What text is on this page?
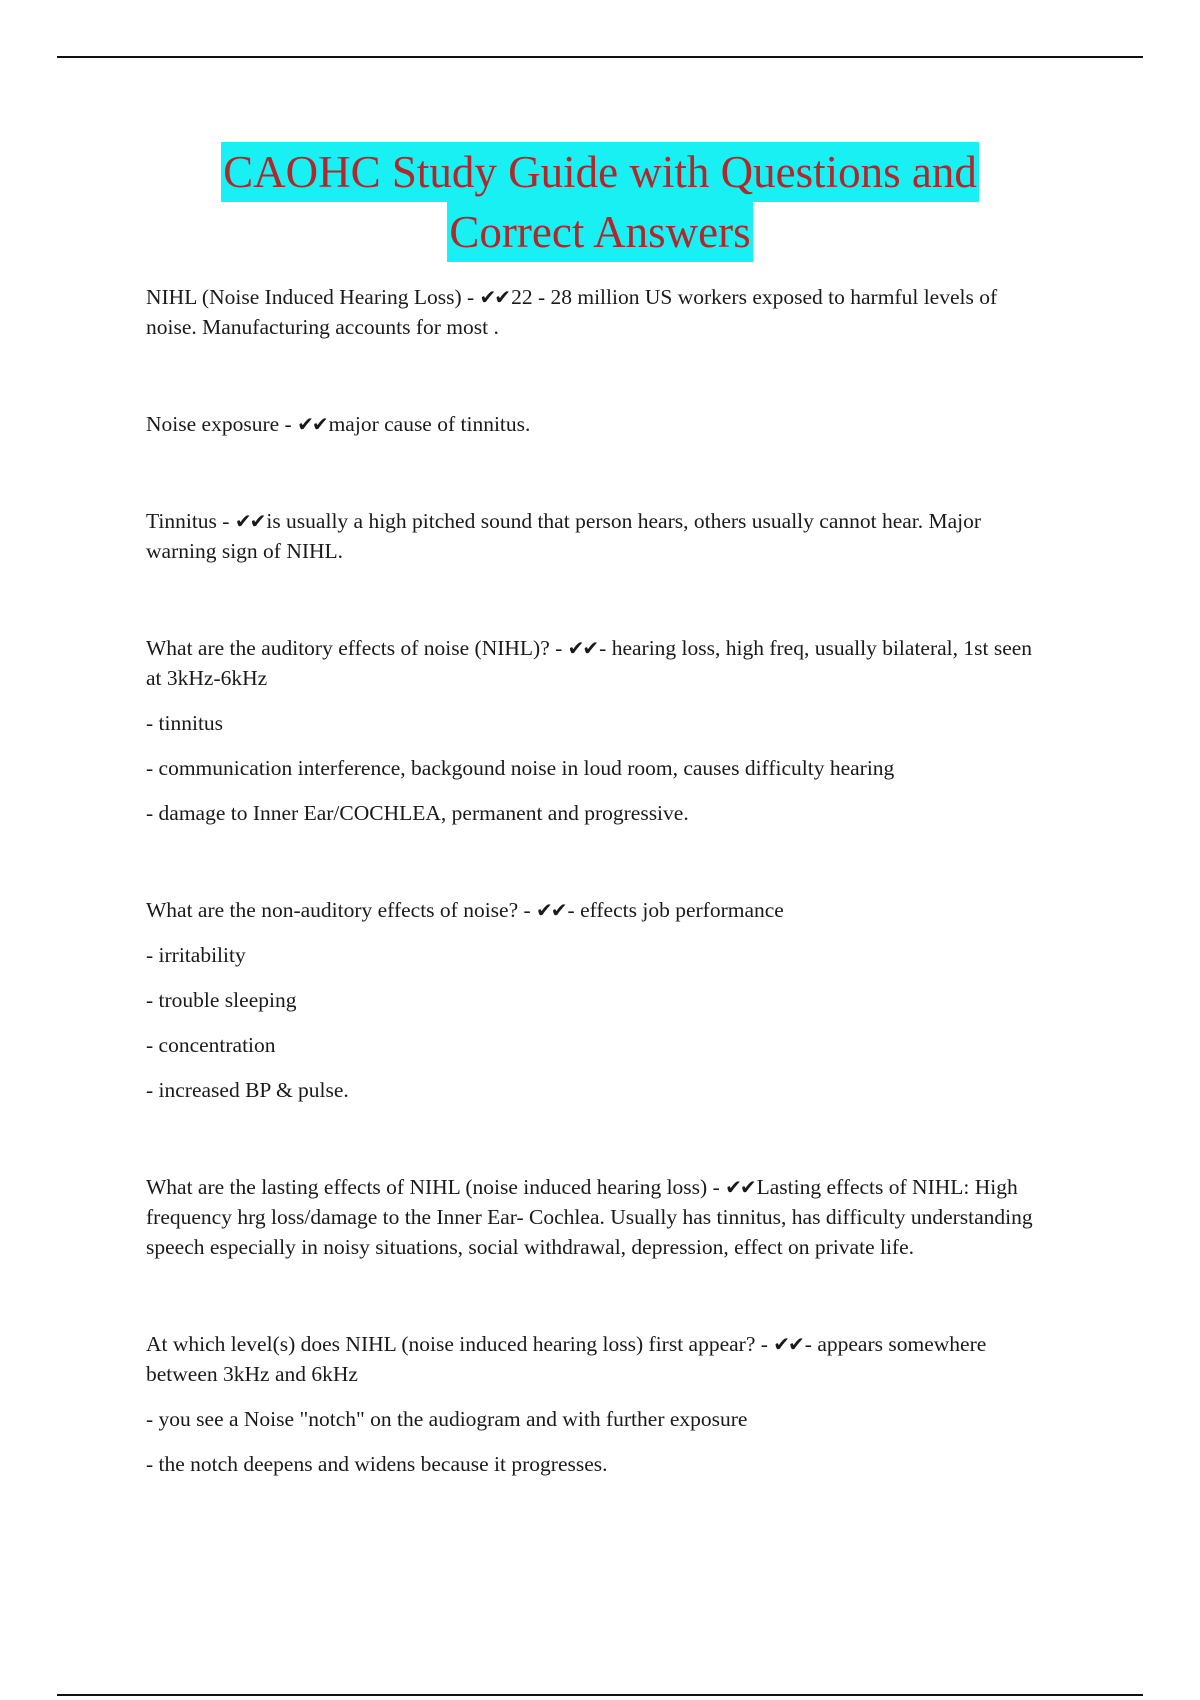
CAOHC Study Guide with Questions and
Correct Answers

NIHL (Noise Induced Hearing Loss) - ✔✔22 - 28 million US workers exposed to harmful levels of noise. Manufacturing accounts for most .

Noise exposure - ✔✔major cause of tinnitus.

Tinnitus - ✔✔is usually a high pitched sound that person hears, others usually cannot hear. Major warning sign of NIHL.

What are the auditory effects of noise (NIHL)? - ✔✔- hearing loss, high freq, usually bilateral, 1st seen at 3kHz-6kHz

- tinnitus

- communication interference, backgound noise in loud room, causes difficulty hearing

- damage to Inner Ear/COCHLEA, permanent and progressive.

What are the non-auditory effects of noise? - ✔✔- effects job performance

- irritability

- trouble sleeping

- concentration

- increased BP & pulse.

What are the lasting effects of NIHL (noise induced hearing loss) - ✔✔Lasting effects of NIHL: High frequency hrg loss/damage to the Inner Ear- Cochlea. Usually has tinnitus, has difficulty understanding speech especially in noisy situations, social withdrawal, depression, effect on private life.

At which level(s) does NIHL (noise induced hearing loss) first appear? - ✔✔- appears somewhere between 3kHz and 6kHz

- you see a Noise "notch" on the audiogram and with further exposure

- the notch deepens and widens because it progresses.
